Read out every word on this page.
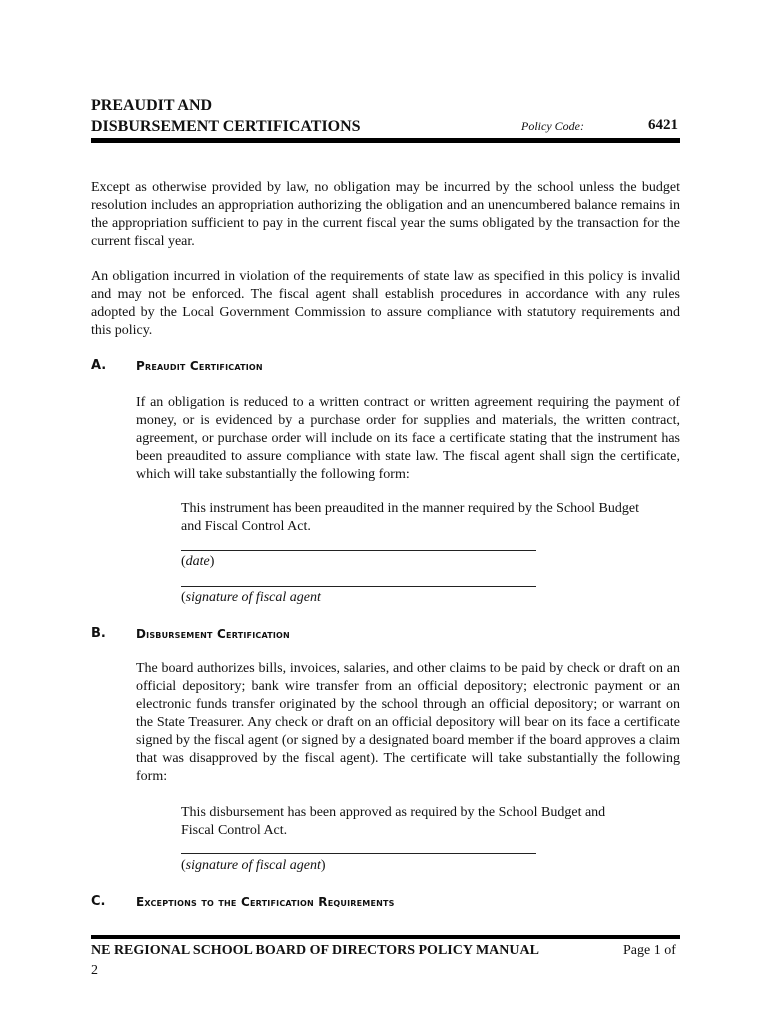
PREAUDIT AND
DISBURSEMENT CERTIFICATIONS	Policy Code:	6421

Except as otherwise provided by law, no obligation may be incurred by the school unless the budget resolution includes an appropriation authorizing the obligation and an unencumbered balance remains in the appropriation sufficient to pay in the current fiscal year the sums obligated by the transaction for the current fiscal year.

An obligation incurred in violation of the requirements of state law as specified in this policy is invalid and may not be enforced. The fiscal agent shall establish procedures in accordance with any rules adopted by the Local Government Commission to assure compliance with statutory requirements and this policy.

A. Preaudit Certification

If an obligation is reduced to a written contract or written agreement requiring the payment of money, or is evidenced by a purchase order for supplies and materials, the written contract, agreement, or purchase order will include on its face a certificate stating that the instrument has been preaudited to assure compliance with state law. The fiscal agent shall sign the certificate, which will take substantially the following form:

This instrument has been preaudited in the manner required by the School Budget and Fiscal Control Act.
(date)
(signature of fiscal agent
B.	Disbursement Certification

The board authorizes bills, invoices, salaries, and other claims to be paid by check or draft on an official depository; bank wire transfer from an official depository; electronic payment or an electronic funds transfer originated by the school through an official depository; or warrant on the State Treasurer. Any check or draft on an official depository will bear on its face a certificate signed by the fiscal agent (or signed by a designated board member if the board approves a claim that was disapproved by the fiscal agent). The certificate will take substantially the following form:

This disbursement has been approved as required by the School Budget and Fiscal Control Act.
(signature of fiscal agent)
C.	Exceptions to the Certification Requirements
NE REGIONAL SCHOOL BOARD OF DIRECTORS POLICY MANUAL	Page 1 of
2
